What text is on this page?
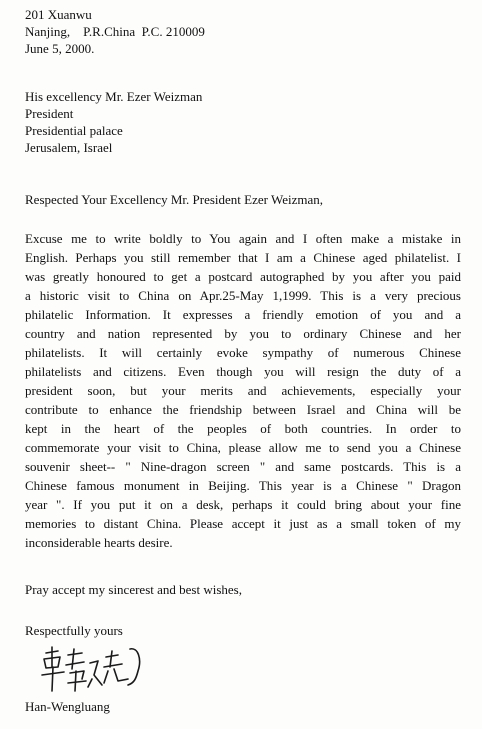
201 Xuanwu
Nanjing,    P.R.China  P.C. 210009
June 5, 2000.
His excellency Mr. Ezer Weizman
President
Presidential palace
Jerusalem, Israel
Respected Your Excellency Mr. President Ezer Weizman,
Excuse me to write boldly to You again and I often make a mistake in
English. Perhaps you still remember that I am a Chinese aged philatelist. I
was greatly honoured to get a postcard autographed by you after you paid
a historic visit to China on Apr.25-May 1,1999. This is a very precious
philatelic Information. It expresses a friendly emotion of you and a
country and nation represented by you to ordinary Chinese and her
philatelists. It will certainly evoke sympathy of numerous Chinese
philatelists and citizens. Even though you will resign the duty of a
president soon, but your merits and achievements, especially your
contribute to enhance the friendship between Israel and China will be
kept in the heart of the peoples of both countries. In order to
commemorate your visit to China, please allow me to send you a Chinese
souvenir sheet-- " Nine-dragon screen " and same postcards. This is a
Chinese famous monument in Beijing. This year is a Chinese " Dragon
year ". If you put it on a desk, perhaps it could bring about your fine
memories to distant China. Please accept it just as a small token of my
inconsiderable hearts desire.
Pray accept my sincerest and best wishes,
Respectfully yours
Han-Wengluang
